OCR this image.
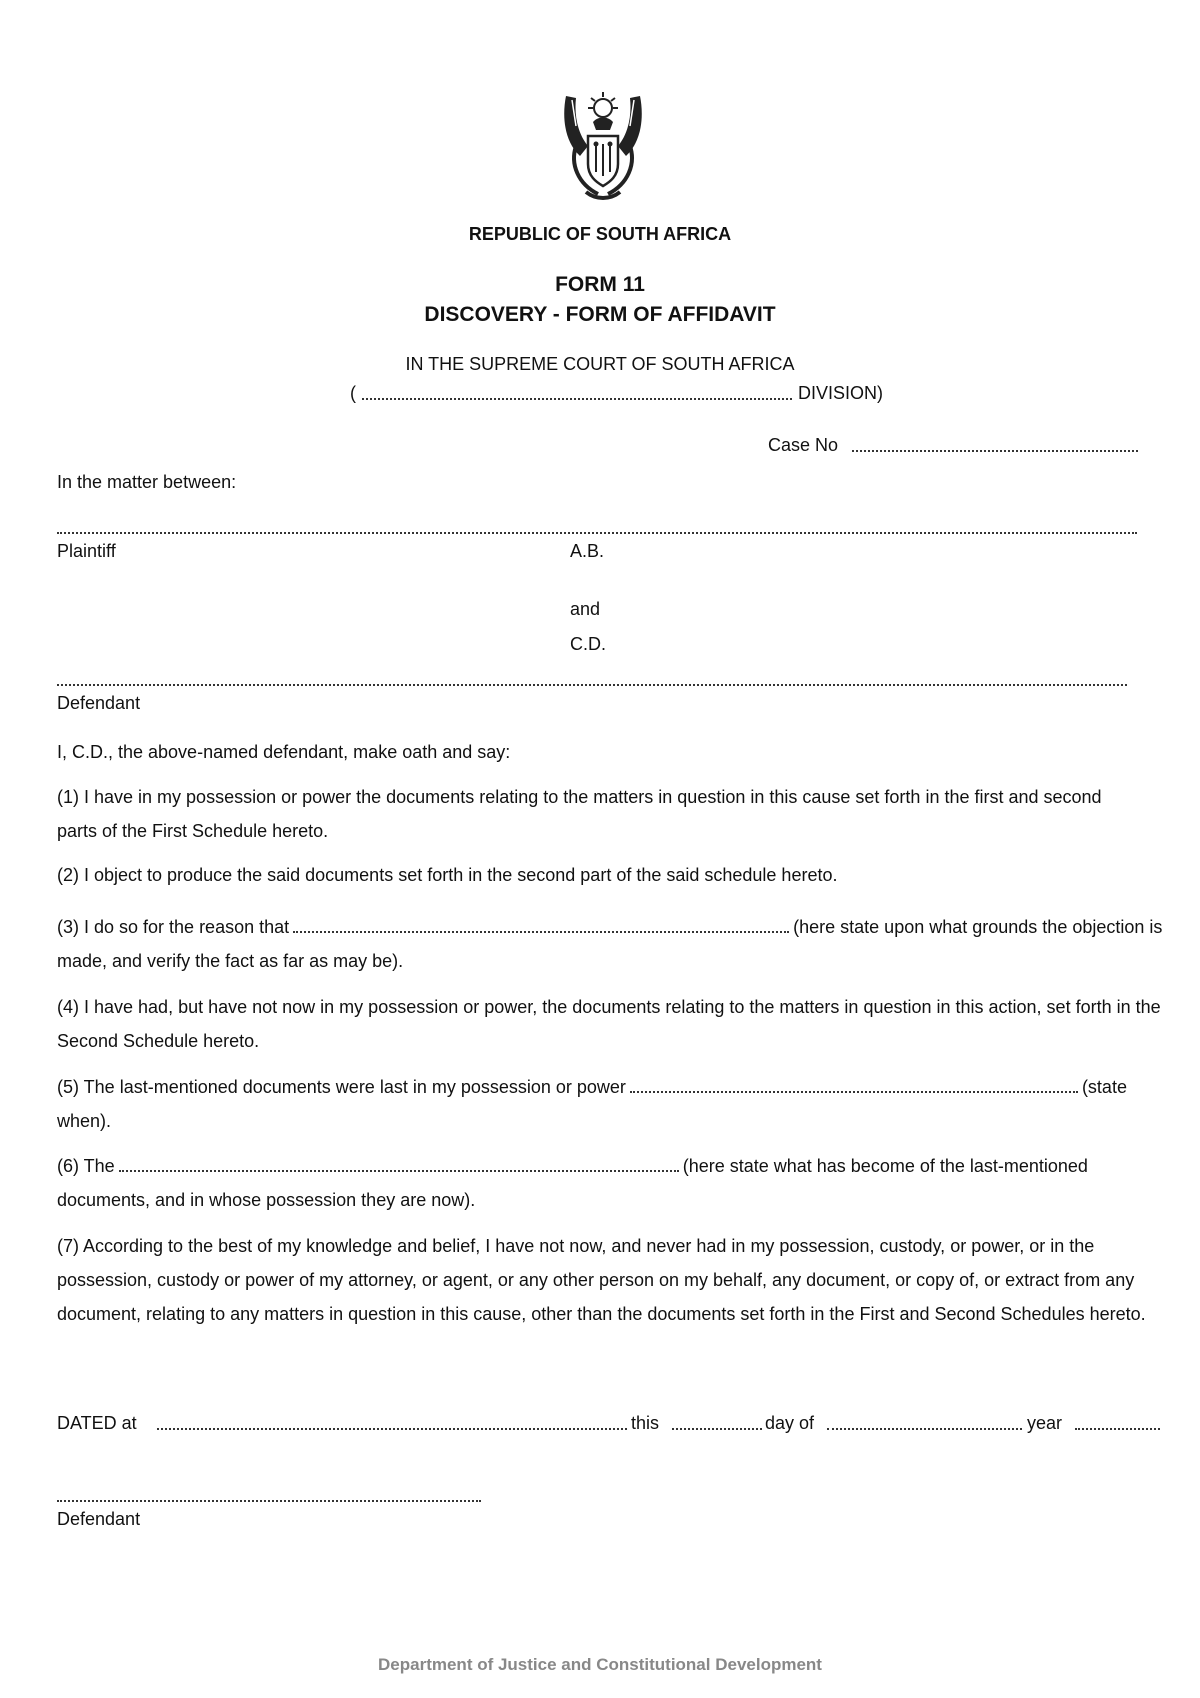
REPUBLIC OF SOUTH AFRICA
FORM 11
DISCOVERY - FORM OF AFFIDAVIT
IN THE SUPREME COURT OF SOUTH AFRICA
(	DIVISION)
Case No
In the matter between:
Plaintiff	A.B.
and
C.D.
Defendant
I, C.D., the above-named defendant, make oath and say:
(1) I have in my possession or power the documents relating to the matters in question in this cause set forth in the first and second parts of the First Schedule hereto.
(2) I object to produce the said documents set forth in the second part of the said schedule hereto.
(3) I do so for the reason that	(here state upon what grounds the objection is made, and verify the fact as far as may be).
(4) I have had, but have not now in my possession or power, the documents relating to the matters in question in this action, set forth in the Second Schedule hereto.
(5) The last-mentioned documents were last in my possession or power	(state when).
(6) The	(here state what has become of the last-mentioned documents, and in whose possession they are now).
(7) According to the best of my knowledge and belief, I have not now, and never had in my possession, custody, or power, or in the possession, custody or power of my attorney, or agent, or any other person on my behalf, any document, or copy of, or extract from any document, relating to any matters in question in this cause, other than the documents set forth in the First and Second Schedules hereto.
DATED at	this	day of	year
Defendant
Department of Justice and Constitutional Development
